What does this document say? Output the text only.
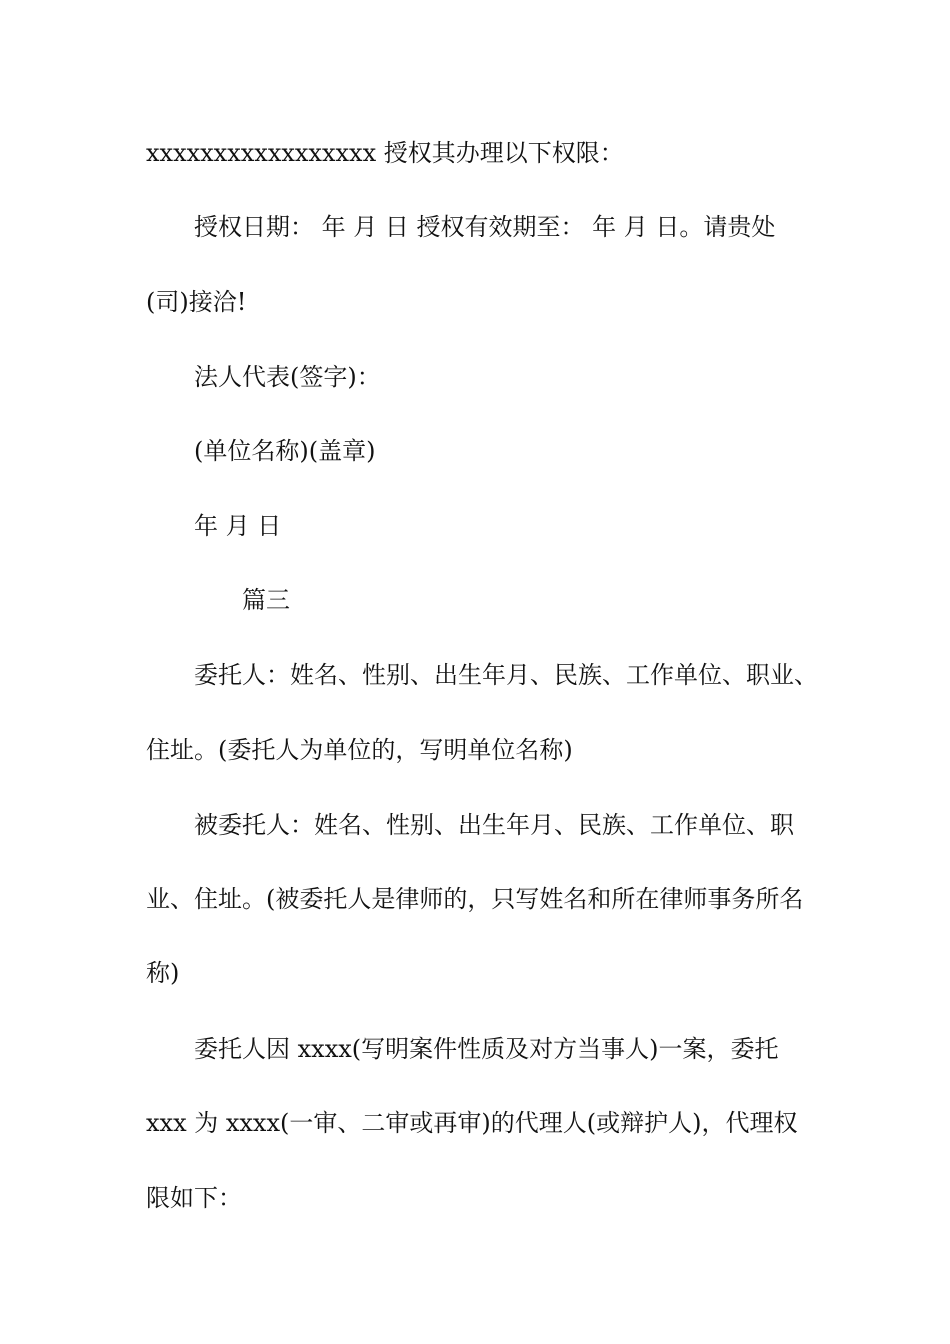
xxxxxxxxxxxxxxxxx 授权其办理以下权限：
授权日期： 年 月 日 授权有效期至： 年 月 日。请贵处
(司)接洽!
法人代表(签字)：
(单位名称)(盖章)
年 月 日
篇三
委托人：姓名、性别、出生年月、民族、工作单位、职业、
住址。(委托人为单位的，写明单位名称)
被委托人：姓名、性别、出生年月、民族、工作单位、职
业、住址。(被委托人是律师的，只写姓名和所在律师事务所名
称)
委托人因 xxxx(写明案件性质及对方当事人)一案，委托
xxx 为 xxxx(一审、二审或再审)的代理人(或辩护人)，代理权
限如下：
